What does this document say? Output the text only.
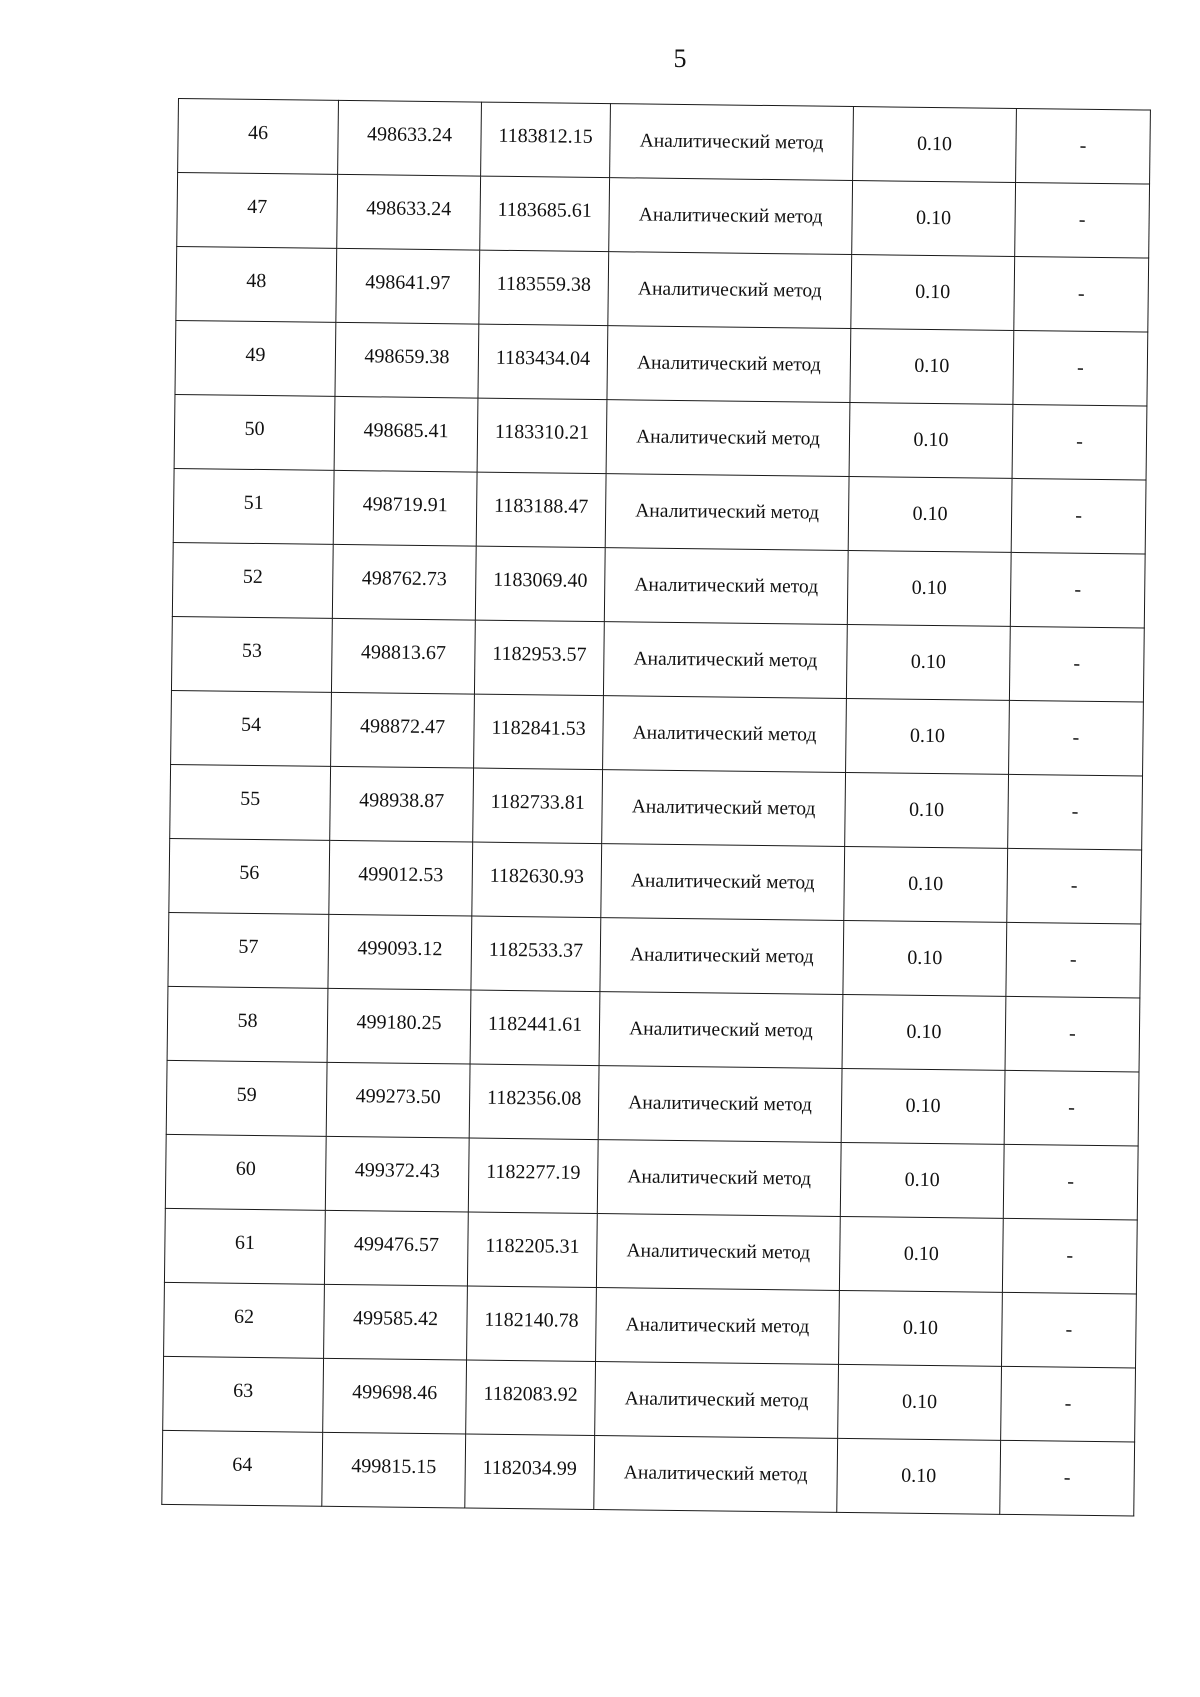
5
46	498633.24	1183812.15	Аналитический метод	0.10	-
47	498633.24	1183685.61	Аналитический метод	0.10	-
48	498641.97	1183559.38	Аналитический метод	0.10	-
49	498659.38	1183434.04	Аналитический метод	0.10	-
50	498685.41	1183310.21	Аналитический метод	0.10	-
51	498719.91	1183188.47	Аналитический метод	0.10	-
52	498762.73	1183069.40	Аналитический метод	0.10	-
53	498813.67	1182953.57	Аналитический метод	0.10	-
54	498872.47	1182841.53	Аналитический метод	0.10	-
55	498938.87	1182733.81	Аналитический метод	0.10	-
56	499012.53	1182630.93	Аналитический метод	0.10	-
57	499093.12	1182533.37	Аналитический метод	0.10	-
58	499180.25	1182441.61	Аналитический метод	0.10	-
59	499273.50	1182356.08	Аналитический метод	0.10	-
60	499372.43	1182277.19	Аналитический метод	0.10	-
61	499476.57	1182205.31	Аналитический метод	0.10	-
62	499585.42	1182140.78	Аналитический метод	0.10	-
63	499698.46	1182083.92	Аналитический метод	0.10	-
64	499815.15	1182034.99	Аналитический метод	0.10	-
